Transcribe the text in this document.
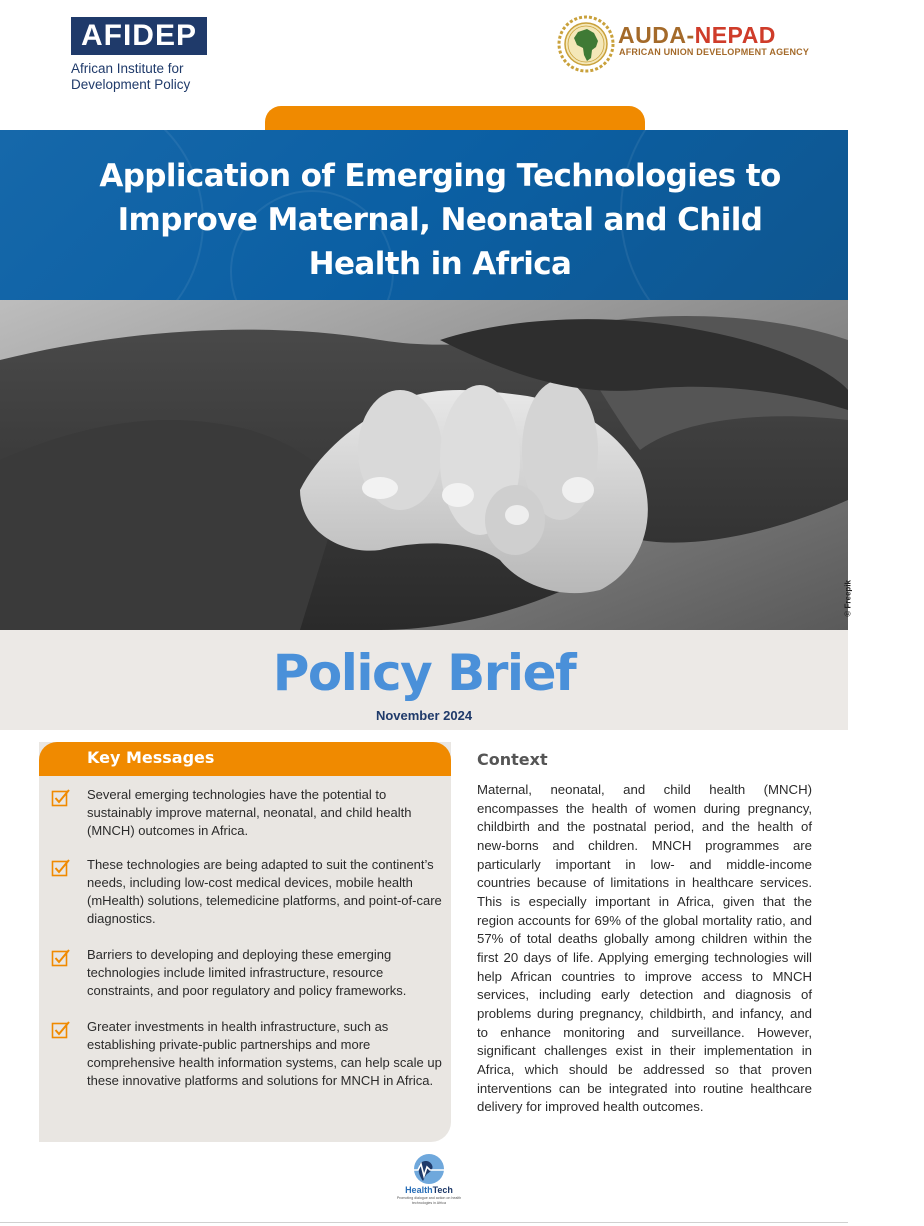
AFIDEP
African Institute for
Development Policy
AUDA-NEPAD
AFRICAN UNION DEVELOPMENT AGENCY
Application of Emerging Technologies to
Improve Maternal, Neonatal and Child
Health in Africa
© Freepik
Policy Brief
November 2024
Key Messages
Several emerging technologies have the potential to sustainably improve maternal, neonatal, and child health (MNCH) outcomes in Africa.
These technologies are being adapted to suit the continent’s needs, including low-cost medical devices, mobile health (mHealth) solutions, telemedicine platforms, and point-of-care diagnostics.
Barriers to developing and deploying these emerging technologies include limited infrastructure, resource constraints, and poor regulatory and policy frameworks.
Greater investments in health infrastructure, such as establishing private-public partnerships and more comprehensive health information systems, can help scale up these innovative platforms and solutions for MNCH in Africa.
Context
Maternal, neonatal, and child health (MNCH) encompasses the health of women during pregnancy, childbirth and the postnatal period, and the health of new-borns and children. MNCH programmes are particularly important in low- and middle-income countries because of limitations in healthcare services. This is especially important in Africa, given that the region accounts for 69% of the global mortality ratio, and 57% of total deaths globally among children within the first 20 days of life. Applying emerging technologies will help African countries to improve access to MNCH services, including early detection and diagnosis of problems during pregnancy, childbirth, and infancy, and to enhance monitoring and surveillance. However, significant challenges exist in their implementation in Africa, which should be addressed so that proven interventions can be integrated into routine healthcare delivery for improved health outcomes.
HealthTech
Promoting dialogue and action on health technologies in Africa
